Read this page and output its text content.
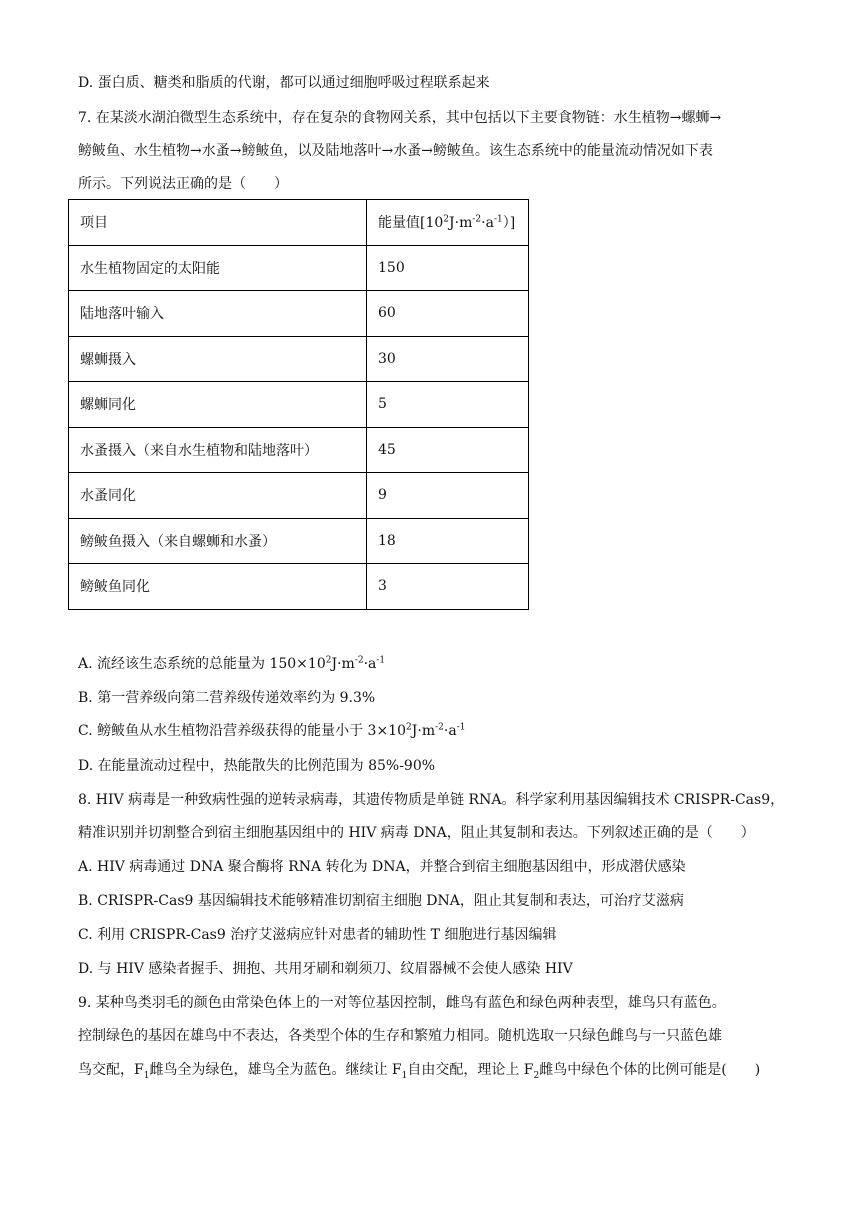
D. 蛋白质、糖类和脂质的代谢，都可以通过细胞呼吸过程联系起来
7. 在某淡水湖泊微型生态系统中，存在复杂的食物网关系，其中包括以下主要食物链：水生植物→螺蛳→
鳑鲏鱼、水生植物→水蚤→鳑鲏鱼，以及陆地落叶→水蚤→鳑鲏鱼。该生态系统中的能量流动情况如下表
所示。下列说法正确的是（　　）
项目	能量值$[10^2J\cdot m^{-2}\cdot a^{-1})$]
水生植物固定的太阳能	150
陆地落叶输入	60
螺蛳摄入	30
螺蛳同化	5
水蚤摄入（来自水生植物和陆地落叶）	45
水蚤同化	9
鳑鲏鱼摄入（来自螺蛳和水蚤）	18
鳑鲏鱼同化	3
A. 流经该生态系统的总能量为 $150\times 10^2J\cdot m^{-2}\cdot a^{-1}$
B. 第一营养级向第二营养级传递效率约为 9.3%
C. 鳑鲏鱼从水生植物沿营养级获得的能量小于 $3\times 10^2J\cdot m^{-2}\cdot a^{-1}$
D. 在能量流动过程中，热能散失的比例范围为 85%-90%
8. HIV 病毒是一种致病性强的逆转录病毒，其遗传物质是单链 RNA。科学家利用基因编辑技术 CRISPR-Cas9，
精准识别并切割整合到宿主细胞基因组中的 HIV 病毒 DNA，阻止其复制和表达。下列叙述正确的是（　　）
A. HIV 病毒通过 DNA 聚合酶将 RNA 转化为 DNA，并整合到宿主细胞基因组中，形成潜伏感染
B. CRISPR-Cas9 基因编辑技术能够精准切割宿主细胞 DNA，阻止其复制和表达，可治疗艾滋病
C. 利用 CRISPR-Cas9 治疗艾滋病应针对患者的辅助性 T 细胞进行基因编辑
D. 与 HIV 感染者握手、拥抱、共用牙刷和剃须刀、纹眉器械不会使人感染 HIV
9. 某种鸟类羽毛的颜色由常染色体上的一对等位基因控制，雌鸟有蓝色和绿色两种表型，雄鸟只有蓝色。
控制绿色的基因在雄鸟中不表达，各类型个体的生存和繁殖力相同。随机选取一只绿色雌鸟与一只蓝色雄
鸟交配，$F_1$雌鸟全为绿色，雄鸟全为蓝色。继续让 $F_1$自由交配，理论上 $F_2$雌鸟中绿色个体的比例可能是(　　)
